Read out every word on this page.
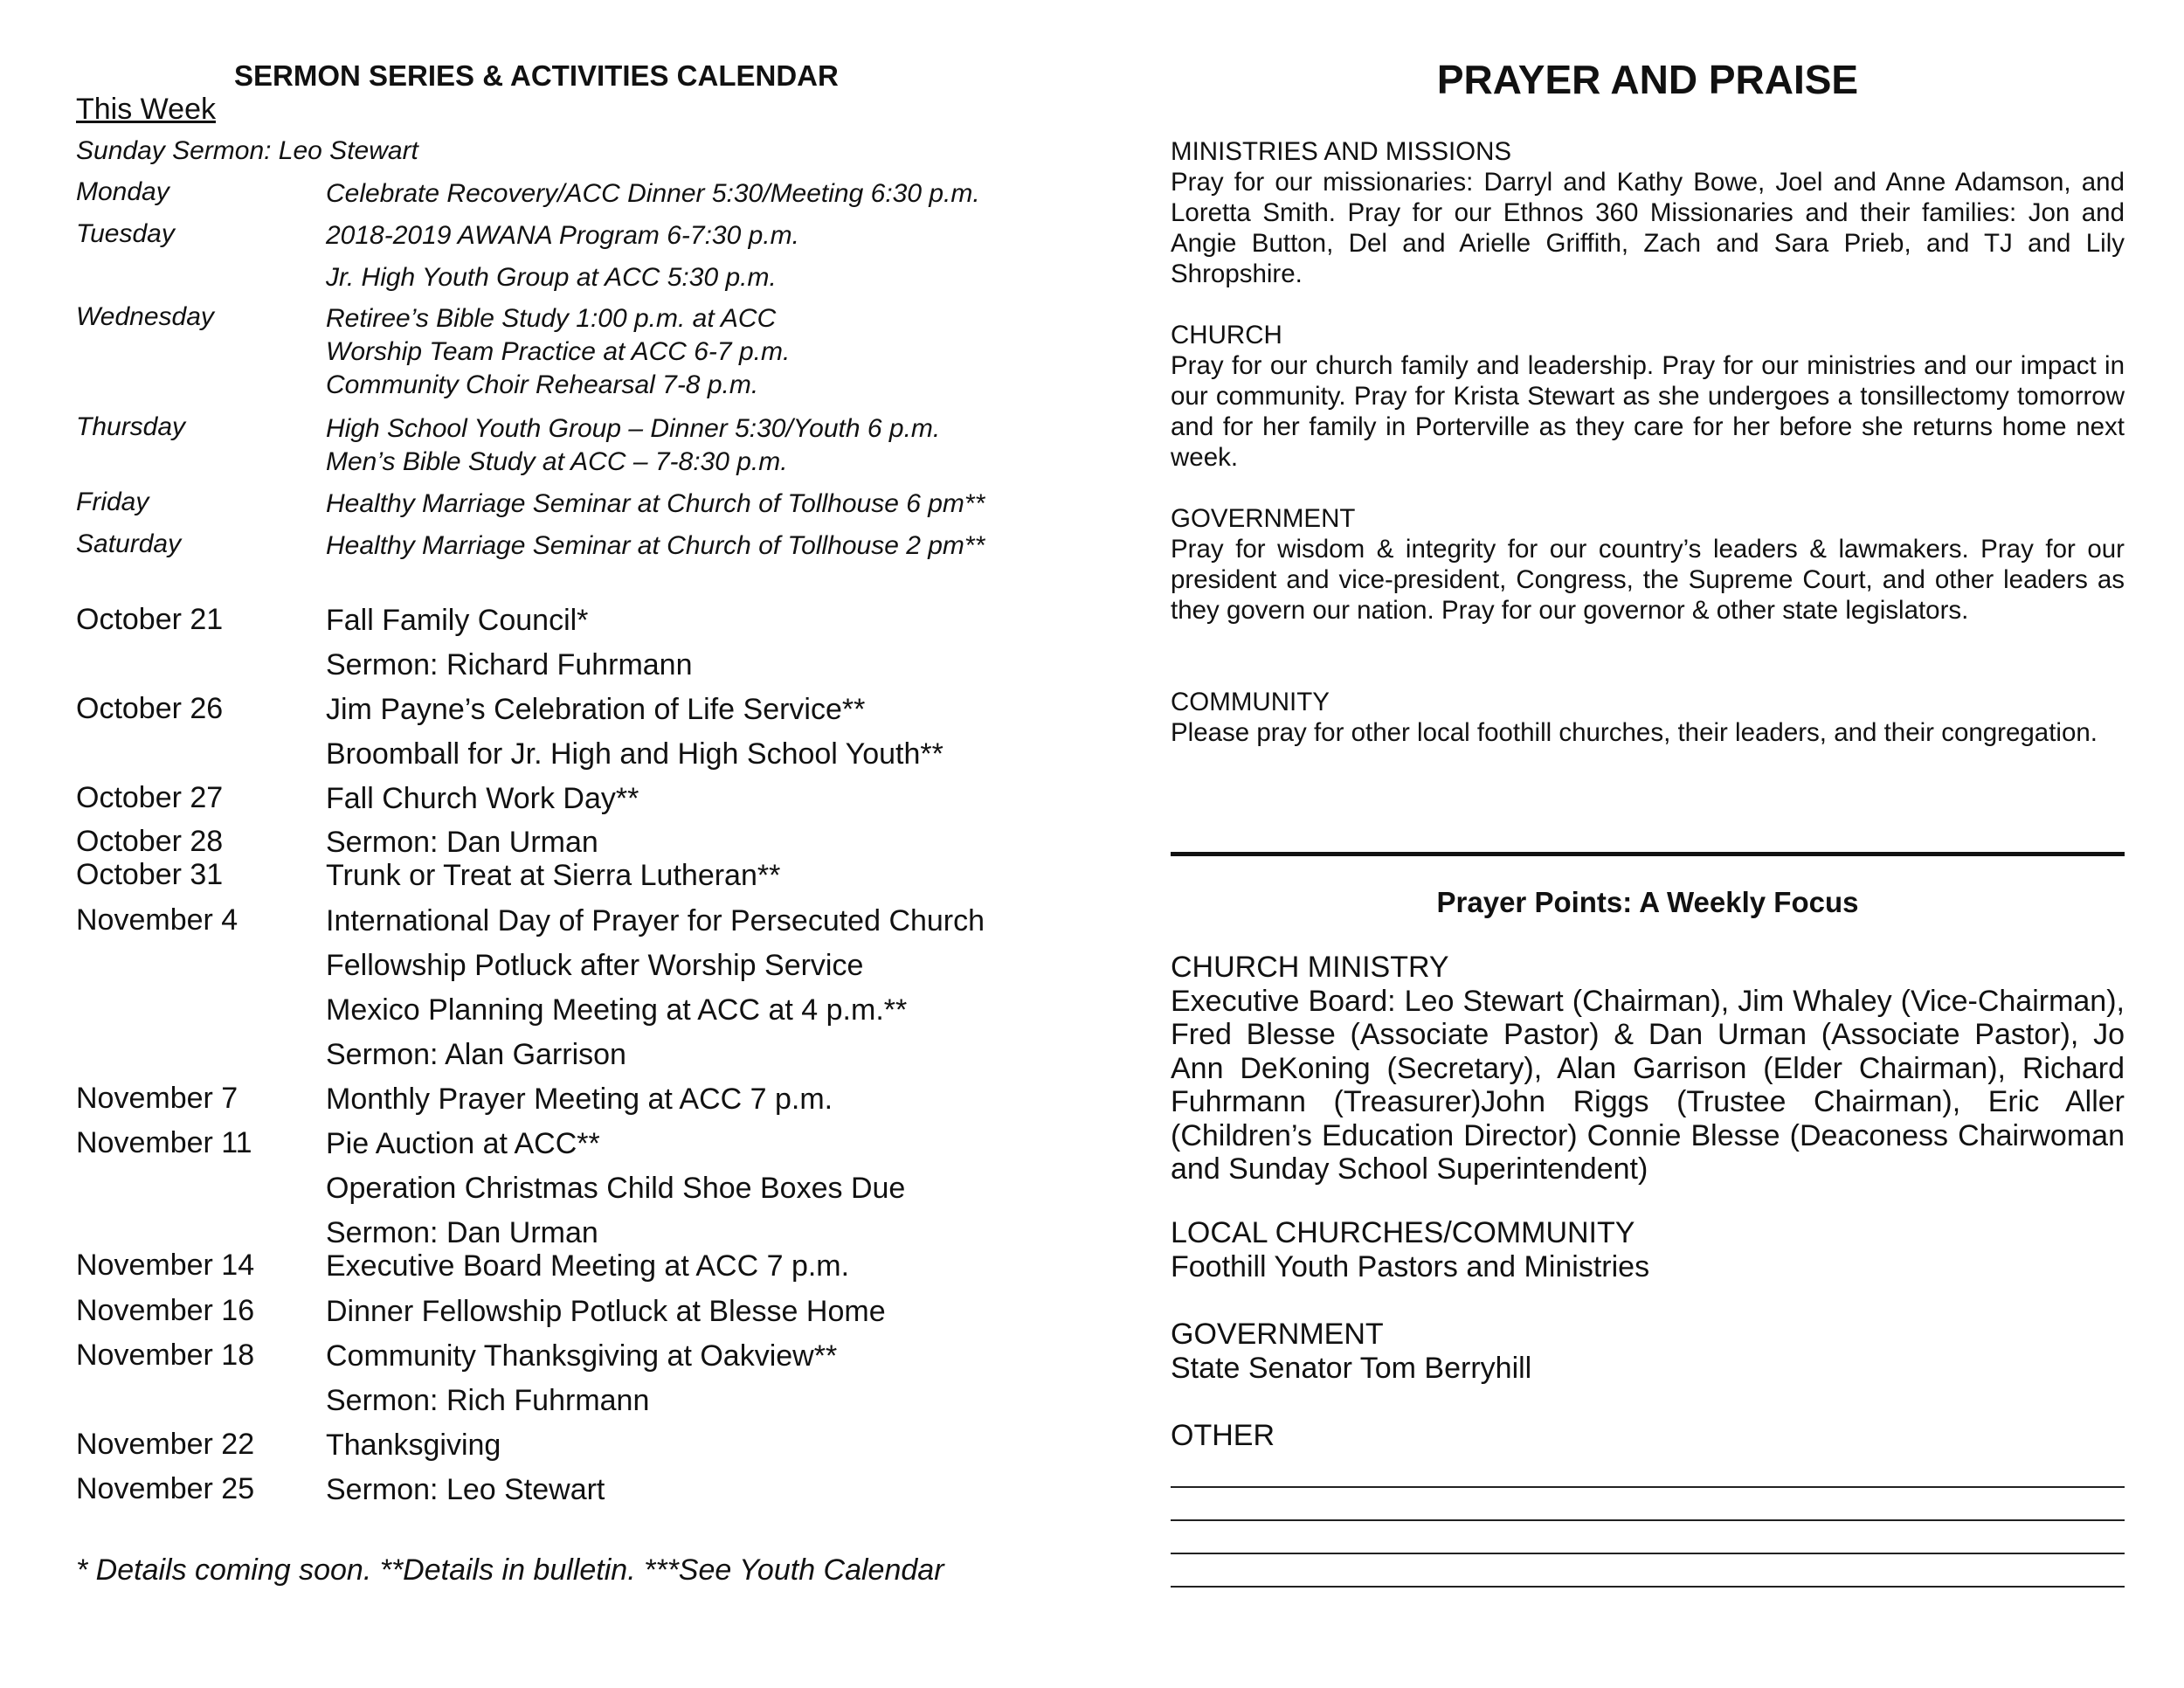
SERMON SERIES & ACTIVITIES CALENDAR
This Week
Sunday Sermon: Leo Stewart
Monday	Celebrate Recovery/ACC Dinner 5:30/Meeting 6:30 p.m.
Tuesday	2018-2019 AWANA Program 6-7:30 p.m.
Jr. High Youth Group at ACC 5:30 p.m.
Wednesday	Retiree’s Bible Study 1:00 p.m. at ACC
Worship Team Practice at ACC 6-7 p.m.
Community Choir Rehearsal 7-8 p.m.
Thursday	High School Youth Group – Dinner 5:30/Youth 6 p.m.
Men’s Bible Study at ACC – 7-8:30 p.m.
Friday	Healthy Marriage Seminar at Church of Tollhouse 6 pm**
Saturday	Healthy Marriage Seminar at Church of Tollhouse 2 pm**
October 21	Fall Family Council*
Sermon: Richard Fuhrmann
October 26	Jim Payne’s Celebration of Life Service**
Broomball for Jr. High and High School Youth**
October 27	Fall Church Work Day**
October 28	Sermon: Dan Urman
October 31	Trunk or Treat at Sierra Lutheran**
November 4	International Day of Prayer for Persecuted Church
Fellowship Potluck after Worship Service
Mexico Planning Meeting at ACC at 4 p.m.**
Sermon: Alan Garrison
November 7	Monthly Prayer Meeting at ACC 7 p.m.
November 11 Pie Auction at ACC**
Operation Christmas Child Shoe Boxes Due
Sermon: Dan Urman
November 14 Executive Board Meeting at ACC 7 p.m.
November 16 Dinner Fellowship Potluck at Blesse Home
November 18 Community Thanksgiving at Oakview**
Sermon: Rich Fuhrmann
November 22 Thanksgiving
November 25 Sermon: Leo Stewart
* Details coming soon. **Details in bulletin. ***See Youth Calendar
PRAYER AND PRAISE
MINISTRIES AND MISSIONS
Pray for our missionaries: Darryl and Kathy Bowe, Joel and Anne Adamson, and Loretta Smith. Pray for our Ethnos 360 Missionaries and their families: Jon and Angie Button, Del and Arielle Griffith, Zach and Sara Prieb, and TJ and Lily Shropshire.
CHURCH
Pray for our church family and leadership. Pray for our ministries and our impact in our community. Pray for Krista Stewart as she undergoes a tonsillectomy tomorrow and for her family in Porterville as they care for her before she returns home next week.
GOVERNMENT
Pray for wisdom & integrity for our country’s leaders & lawmakers. Pray for our president and vice-president, Congress, the Supreme Court, and other leaders as they govern our nation. Pray for our governor & other state legislators.
COMMUNITY
Please pray for other local foothill churches, their leaders, and their congregation.
Prayer Points: A Weekly Focus
CHURCH MINISTRY
Executive Board: Leo Stewart (Chairman), Jim Whaley (Vice-Chairman), Fred Blesse (Associate Pastor) & Dan Urman (Associate Pastor), Jo Ann DeKoning (Secretary), Alan Garrison (Elder Chairman), Richard Fuhrmann (Treasurer)John Riggs (Trustee Chairman), Eric Aller (Children’s Education Director) Connie Blesse (Deaconess Chairwoman and Sunday School Superintendent)
LOCAL CHURCHES/COMMUNITY
Foothill Youth Pastors and Ministries
GOVERNMENT
State Senator Tom Berryhill
OTHER
